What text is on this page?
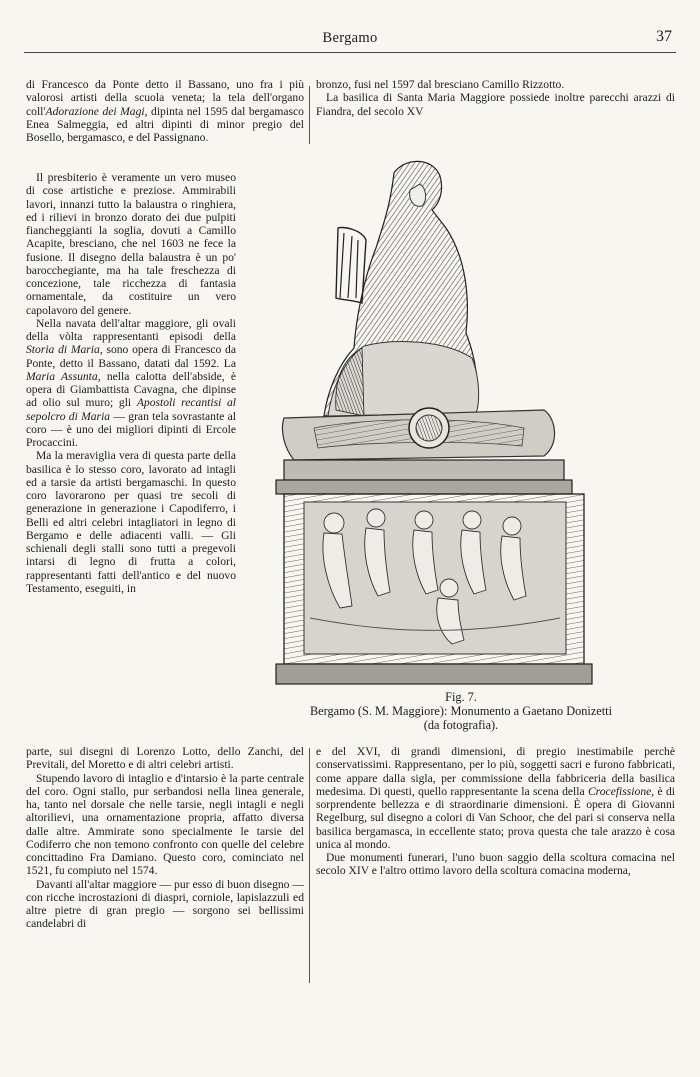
Bergamo	37

di Francesco da Ponte detto il Bassano, uno fra i più valorosi artisti della scuola veneta; la tela dell'organo coll'Adorazione dei Magi, dipinta nel 1595 dal bergamasco Enea Salmeggia, ed altri dipinti di minor pregio del Bosello, bergamasco, e del Passignano.

Il presbiterio è veramente un vero museo di cose artistiche e preziose. Ammirabili lavori, innanzi tutto la balaustra o ringhiera, ed i rilievi in bronzo dorato dei due pulpiti fiancheggianti la soglia, dovuti a Camillo Acapite, bresciano, che nel 1603 ne fece la fusione. Il disegno della balaustra è un po' barocchegiante, ma ha tale freschezza di concezione, tale ricchezza di fantasia ornamentale, da costituire un vero capolavoro del genere.

Nella navata dell'altar maggiore, gli ovali della vòlta rappresentanti episodi della Storia di Maria, sono opera di Francesco da Ponte, detto il Bassano, datati dal 1592. La Maria Assunta, nella calotta dell'abside, è opera di Giambattista Cavagna, che dipinse ad olio sul muro; gli Apostoli recantisi al sepolcro di Maria — gran tela sovrastante al coro — è uno dei migliori dipinti di Ercole Procaccini.

Ma la meraviglia vera di questa parte della basilica è lo stesso coro, lavorato ad intagli ed a tarsie da artisti bergamaschi. In questo coro lavorarono per quasi tre secoli di generazione in generazione i Capodiferro, i Belli ed altri celebri intagliatori in legno di Bergamo e delle adiacenti valli. — Gli schienali degli stalli sono tutti a pregevoli intarsi di legno di frutta a colori, rappresentanti fatti dell'antico e del nuovo Testamento, eseguiti, in

parte, sui disegni di Lorenzo Lotto, dello Zanchi, del Previtali, del Moretto e di altri celebri artisti.

Stupendo lavoro di intaglio e d'intarsio è la parte centrale del coro. Ogni stallo, pur serbandosi nella linea generale, ha, tanto nel dorsale che nelle tarsie, negli intagli e negli altorilievi, una ornamentazione propria, affatto diversa dalle altre. Ammirate sono specialmente le tarsie del Codiferro che non temono confronto con quelle del celebre concittadino Fra Damiano. Questo coro, cominciato nel 1521, fu compiuto nel 1574.

Davanti all'altar maggiore — pur esso di buon disegno — con ricche incrostazioni di diaspri, corniole, lapislazzuli ed altre pietre di gran pregio — sorgono sei bellissimi candelabri di

bronzo, fusi nel 1597 dal bresciano Camillo Rizzotto.

La basilica di Santa Maria Maggiore possiede inoltre parecchi arazzi di Fiandra, del secolo XV

Fig. 7.
Bergamo (S. M. Maggiore): Monumento a Gaetano Donizetti
(da fotografia).

e del XVI, di grandi dimensioni, di pregio inestimabile perchè conservatissimi. Rappresentano, per lo più, soggetti sacri e furono fabbricati, come appare dalla sigla, per commissione della fabbriceria della basilica medesima. Di questi, quello rappresentante la scena della Crocefissione, è di sorprendente bellezza e di straordinarie dimensioni. È opera di Giovanni Regelburg, sul disegno a colori di Van Schoor, che del pari si conserva nella basilica bergamasca, in eccellente stato; prova questa che tale arazzo è cosa unica al mondo.

Due monumenti funerari, l'uno buon saggio della scoltura comacina nel secolo XIV e l'altro ottimo lavoro della scoltura comacina moderna,
